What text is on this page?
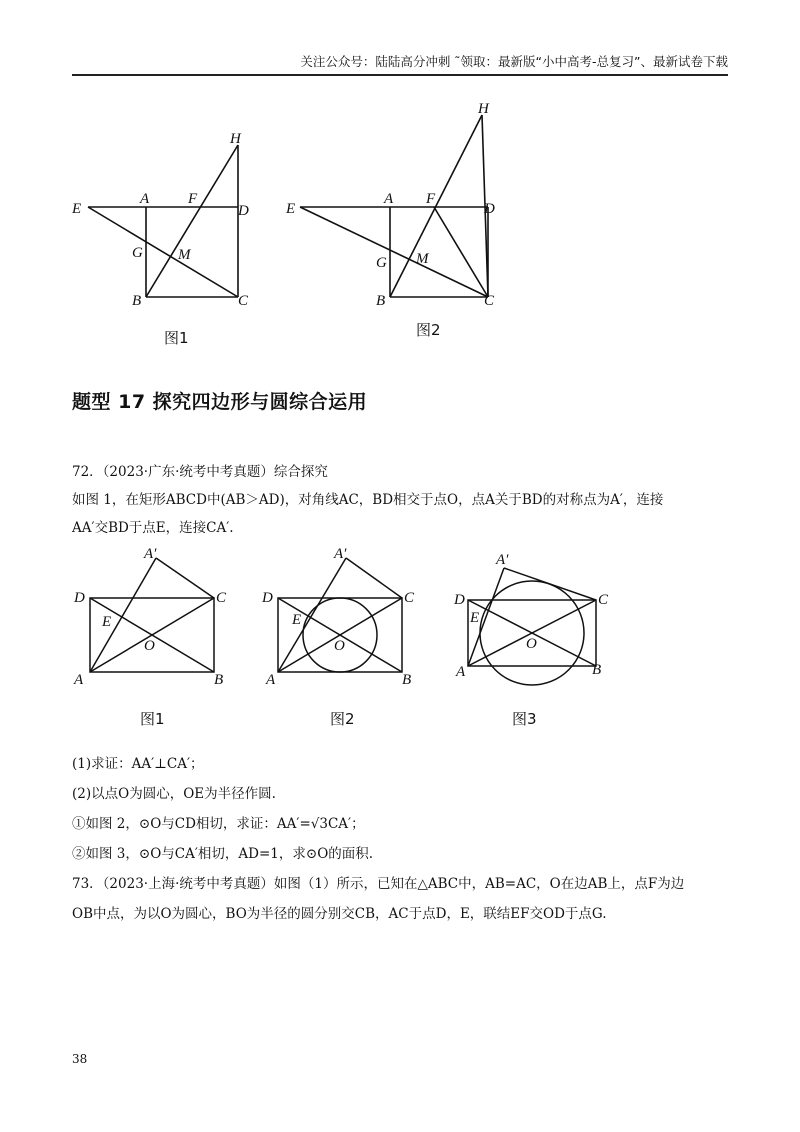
关注公众号：陆陆高分冲刺 ˜领取：最新版“小中高考-总复习”、最新试卷下载
E
A	F
H
D
G M
B	C
图1
E
A F
H
D
G M
B	C
图2
题型 17 探究四边形与圆综合运用
72．（2023·广东·统考中考真题）综合探究
如图 1，在矩形ABCD中(AB＞AD)，对角线AC，BD相交于点O，点A关于BD的对称点为A′，连接
AA′交BD于点E，连接CA′.
D	C
A	B
A′
E
O
图1
D	C
A	B
A′
E
O
图2
D	C
A	B
A′
E
O
图3
(1)求证：AA′⊥CA′；
(2)以点O为圆心，OE为半径作圆.
①如图 2，⊙O与CD相切，求证：AA′=√3CA′；
②如图 3，⊙O与CA′相切，AD=1，求⊙O的面积.
73．（2023·上海·统考中考真题）如图（1）所示，已知在△ABC中，AB=AC，O在边AB上，点F为边
OB中点，为以O为圆心，BO为半径的圆分别交CB，AC于点D，E，联结EF交OD于点G.
38
